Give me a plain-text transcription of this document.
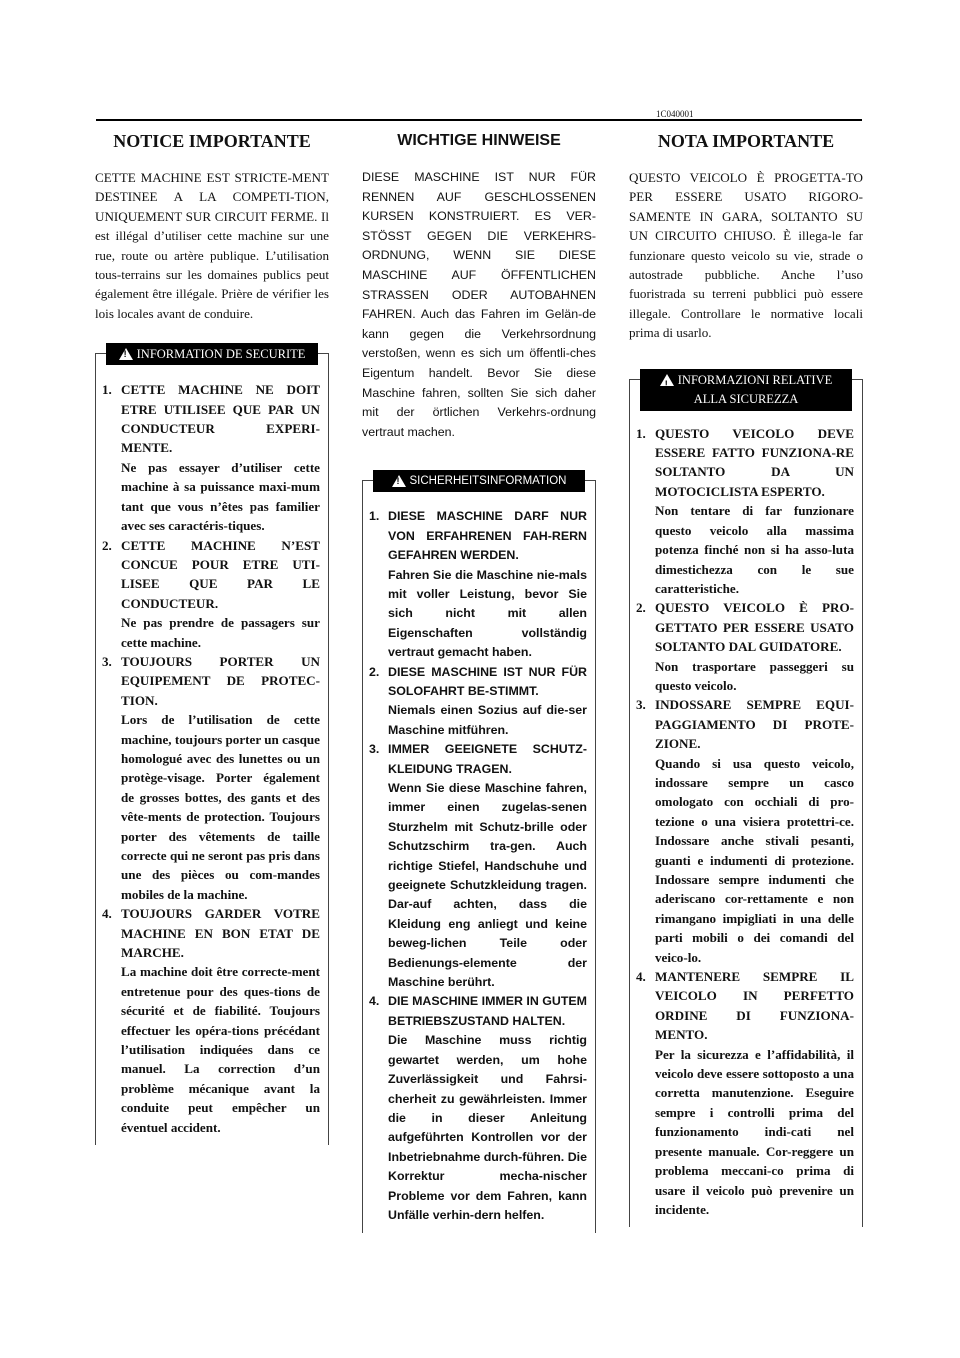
1C040001
NOTICE IMPORTANTE

CETTE MACHINE EST STRICTE-MENT DESTINEE A LA COMPETI-TION, UNIQUEMENT SUR CIRCUIT FERME. Il est illégal d’utiliser cette machine sur une rue, route ou artère publique. L’utilisation tous-terrains sur les domaines publics peut également être illégale. Prière de vérifier les lois locales avant de conduire.

!
INFORMATION DE SECURITE
1. CETTE MACHINE NE DOIT ETRE UTILISEE QUE PAR UN CONDUCTEUR EXPERI-MENTE.

Ne pas essayer d’utiliser cette machine à sa puissance maxi-mum tant que vous n’êtes pas familier avec ses caractéris-tiques.

2. CETTE MACHINE N’EST CONCUE POUR ETRE UTI-LISEE QUE PAR LE CONDUCTEUR.

Ne pas prendre de passagers sur cette machine.

3. TOUJOURS PORTER UN EQUIPEMENT DE PROTEC-TION.

Lors de l’utilisation de cette machine, toujours porter un casque homologué avec des lunettes ou un protège-visage. Porter également de grosses bottes, des gants et des vête-ments de protection. Toujours porter des vêtements de taille correcte qui ne seront pas pris dans une des pièces ou com-mandes mobiles de la machine.

4. TOUJOURS GARDER VOTRE MACHINE EN BON ETAT DE MARCHE.

La machine doit être correcte-ment entretenue pour des ques-tions de sécurité et de fiabilité. Toujours effectuer les opéra-tions précédant l’utilisation indiquées dans ce manuel. La correction d’un problème mécanique avant la conduite peut empêcher un éventuel accident.

WICHTIGE HINWEISE

DIESE MASCHINE IST NUR FÜR RENNEN AUF GESCHLOSSENEN KURSEN KONSTRUIERT. ES VER-STÖSST GEGEN DIE VERKEHRS-ORDNUNG, WENN SIE DIESE MASCHINE AUF ÖFFENTLICHEN STRASSEN ODER AUTOBAHNEN FAHREN. Auch das Fahren im Gelän-de kann gegen die Verkehrsordnung verstoßen, wenn es sich um öffentli-ches Eigentum handelt. Bevor Sie diese Maschine fahren, sollten Sie sich daher mit der örtlichen Verkehrs-ordnung vertraut machen.

!
SICHERHEITSINFORMATION
1. DIESE MASCHINE DARF NUR VON ERFAHRENEN FAH-RERN GEFAHREN WERDEN.

Fahren Sie die Maschine nie-mals mit voller Leistung, bevor Sie sich nicht mit allen Eigenschaften vollständig vertraut gemacht haben.

2. DIESE MASCHINE IST NUR FÜR SOLOFAHRT BE-STIMMT.

Niemals einen Sozius auf die-ser Maschine mitführen.

3. IMMER GEEIGNETE SCHUTZ-KLEIDUNG TRAGEN.

Wenn Sie diese Maschine fahren, immer einen zugelas-senen Sturzhelm mit Schutz-brille oder Schutzschirm tra-gen. Auch richtige Stiefel, Handschuhe und geeignete Schutzkleidung tragen. Dar-auf achten, dass die Kleidung eng anliegt und keine beweg-lichen Teile oder Bedienungs-elemente der Maschine berührt.

4. DIE MASCHINE IMMER IN GUTEM BETRIEBSZUSTAND HALTEN.

Die Maschine muss richtig gewartet werden, um hohe Zuverlässigkeit und Fahrsi-cherheit zu gewährleisten. Immer die in dieser Anleitung aufgeführten Kontrollen vor der Inbetriebnahme durch-führen. Die Korrektur mecha-nischer Probleme vor dem Fahren, kann Unfälle verhin-dern helfen.

NOTA IMPORTANTE

QUESTO VEICOLO È PROGETTA-TO PER ESSERE USATO RIGORO-SAMENTE IN GARA, SOLTANTO SU UN CIRCUITO CHIUSO. È illega-le far funzionare questo veicolo su vie, strade o autostrade pubbliche. Anche l’uso fuoristrada su terreni pubblici può essere illegale. Controllare le normative locali prima di usarlo.

!
INFORMAZIONI RELATIVE
ALLA SICUREZZA
1. QUESTO VEICOLO DEVE ESSERE FATTO FUNZIONA-RE SOLTANTO DA UN MOTOCICLISTA ESPERTO.

Non tentare di far funzionare questo veicolo alla massima potenza finché non si ha asso-luta dimestichezza con le sue caratteristiche.

2. QUESTO VEICOLO È PRO-GETTATO PER ESSERE USATO SOLTANTO DAL GUIDATORE.

Non trasportare passeggeri su questo veicolo.

3. INDOSSARE SEMPRE EQUI-PAGGIAMENTO DI PROTE-ZIONE.

Quando si usa questo veicolo, indossare sempre un casco omologato con occhiali di pro-tezione o una visiera protettri-ce. Indossare anche stivali pesanti, guanti e indumenti di protezione. Indossare sempre indumenti che aderiscano cor-rettamente e non rimangano impigliati in una delle parti mobili o dei comandi del veico-lo.

4. MANTENERE SEMPRE IL VEICOLO IN PERFETTO ORDINE DI FUNZIONA-MENTO.

Per la sicurezza e l’affidabilità, il veicolo deve essere sottoposto a una corretta manutenzione. Eseguire sempre i controlli prima del funzionamento indi-cati nel presente manuale. Cor-reggere un problema meccani-co prima di usare il veicolo può prevenire un incidente.
